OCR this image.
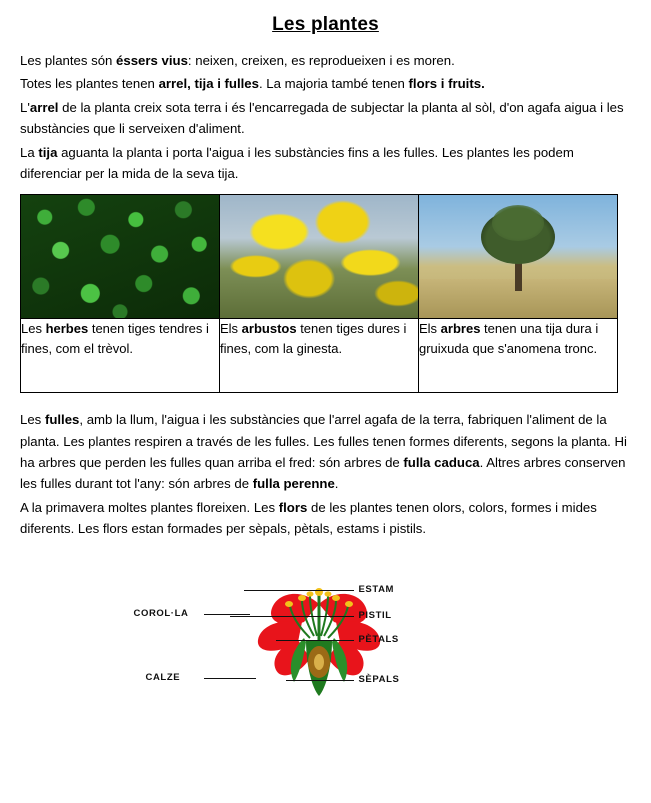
Les plantes

Les plantes són éssers vius: neixen, creixen, es reprodueixen i es moren.

Totes les plantes tenen arrel, tija i fulles. La majoria també tenen flors i fruits.

L'arrel de la planta creix sota terra i és l'encarregada de subjectar la planta al sòl, d'on agafa aigua i les substàncies que li serveixen d'aliment.

La tija aguanta la planta i porta l'aigua i les substàncies fins a les fulles. Les plantes les podem diferenciar per la mida de la seva tija.

Les herbes tenen tiges tendres i fines, com el trèvol.	Els arbustos tenen tiges dures i fines, com la ginesta.	Els arbres tenen una tija dura i gruixuda que s'anomena tronc.

Les fulles, amb la llum, l'aigua i les substàncies que l'arrel agafa de la terra, fabriquen l'aliment de la planta. Les plantes respiren a través de les fulles. Les fulles tenen formes diferents, segons la planta. Hi ha arbres que perden les fulles quan arriba el fred: són arbres de fulla caduca. Altres arbres conserven les fulles durant tot l'any: són arbres de fulla perenne.

A la primavera moltes plantes floreixen. Les flors de les plantes tenen olors, colors, formes i mides diferents. Les flors estan formades per sèpals, pètals, estams i pistils.

ESTAM
PISTIL
PÈTALS
SÈPALS
COROL·LA
CALZE
